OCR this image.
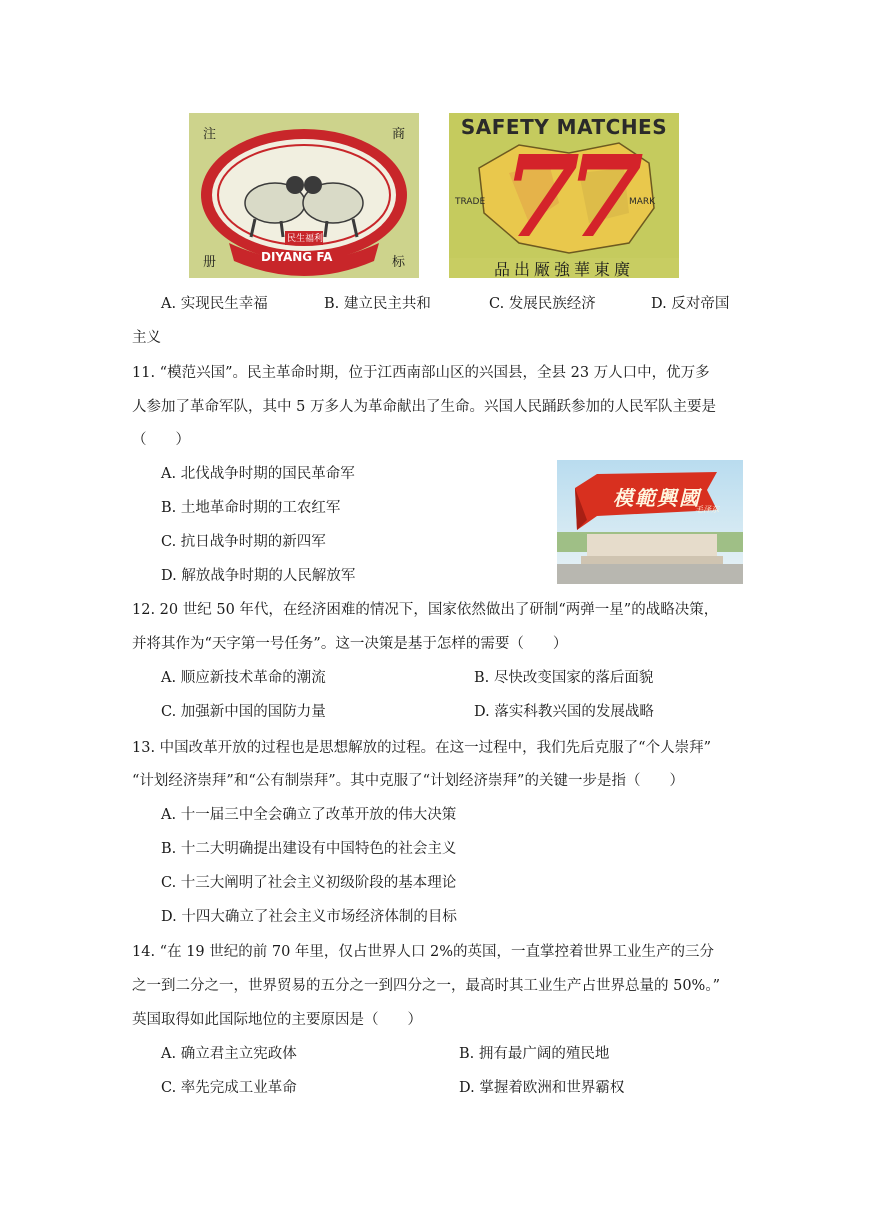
注	商
册	标
民生福利
DIYANG FA
SAFETY MATCHES
77
TRADE	MARK
品出厰強華東廣
A. 实现民生幸福	B. 建立民主共和	C. 发展民族经济	D. 反对帝国
主义
11. “模范兴国”。民主革命时期，位于江西南部山区的兴国县，全县 23 万人口中，优万多
人参加了革命军队，其中 5 万多人为革命献出了生命。兴国人民踊跃参加的人民军队主要是
（　　）
A. 北伐战争时期的国民革命军
B. 土地革命时期的工农红军
C. 抗日战争时期的新四军
D. 解放战争时期的人民解放军
模範興國
毛泽东
12. 20 世纪 50 年代，在经济困难的情况下，国家依然做出了研制“两弹一星”的战略决策，
并将其作为“天字第一号任务”。这一决策是基于怎样的需要（　　）
A. 顺应新技术革命的潮流	B. 尽快改变国家的落后面貌
C. 加强新中国的国防力量	D. 落实科教兴国的发展战略
13. 中国改革开放的过程也是思想解放的过程。在这一过程中，我们先后克服了“个人崇拜”
“计划经济崇拜”和“公有制崇拜”。其中克服了“计划经济崇拜”的关键一步是指（　　）
A. 十一届三中全会确立了改革开放的伟大决策
B. 十二大明确提出建设有中国特色的社会主义
C. 十三大阐明了社会主义初级阶段的基本理论
D. 十四大确立了社会主义市场经济体制的目标
14. “在 19 世纪的前 70 年里，仅占世界人口 2%的英国，一直掌控着世界工业生产的三分
之一到二分之一，世界贸易的五分之一到四分之一，最高时其工业生产占世界总量的 50%。”
英国取得如此国际地位的主要原因是（　　）
A. 确立君主立宪政体	B. 拥有最广阔的殖民地
C. 率先完成工业革命	D. 掌握着欧洲和世界霸权
